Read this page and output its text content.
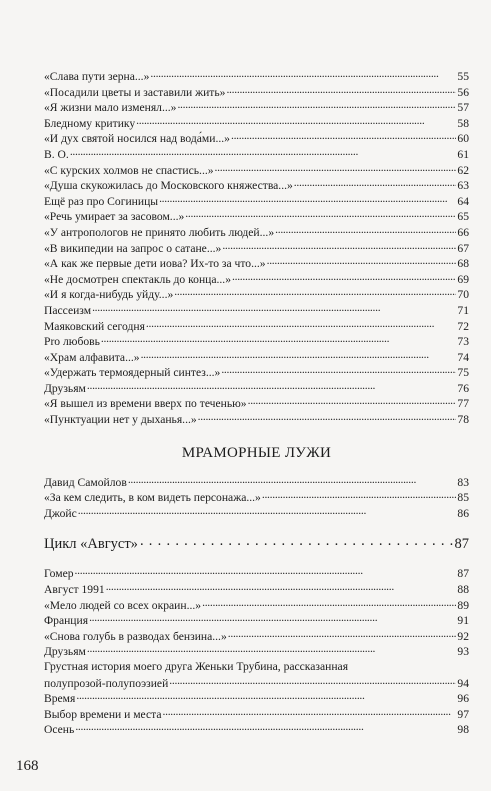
«Слава пути зерна...» . . .	55
«Посадили цветы и заставили жить» . . .	56
«Я жизни мало изменял...» . . .	57
Бледному критику . . .	58
«И дух святой носился над вода́ми...» . . .	60
В. О. . . .	61
«С курских холмов не спастись...» . . .	62
«Душа скукожилась до Московского княжества...» . . .	63
Ещё раз про Согиницы . . .	64
«Речь умирает за засовом...» . . .	65
«У антропологов не принято любить людей...» . . .	66
«В википедии на запрос о сатане...» . . .	67
«А как же первые дети иова? Их-то за что...» . . .	68
«Не досмотрен спектакль до конца...» . . .	69
«И я когда-нибудь уйду...» . . .	70
Пассеизм . . .	71
Маяковский сегодня . . .	72
Pro любовь . . .	73
«Храм алфавита...» . . .	74
«Удержать термоядерный синтез...» . . .	75
Друзьям . . .	76
«Я вышел из времени вверх по теченью» . . .	77
«Пунктуации нет у дыханья...» . . .	78
МРАМОРНЫЕ ЛУЖИ
Давид Самойлов . . .	83
«За кем следить, в ком видеть персонажа...» . . .	85
Джойс . . .	86
Цикл «Август» . . .	87
Гомер . . .	87
Август 1991 . . .	88
«Мело людей со всех окраин...» . . .	89
Франция . . .	91
«Снова голубь в разводах бензина...» . . .	92
Друзьям . . .	93
Грустная история моего друга Женьки Трубина, рассказанная
полупрозой-полупоэзией . . .	94
Время . . .	96
Выбор времени и места . . .	97
Осень . . .	98
168
